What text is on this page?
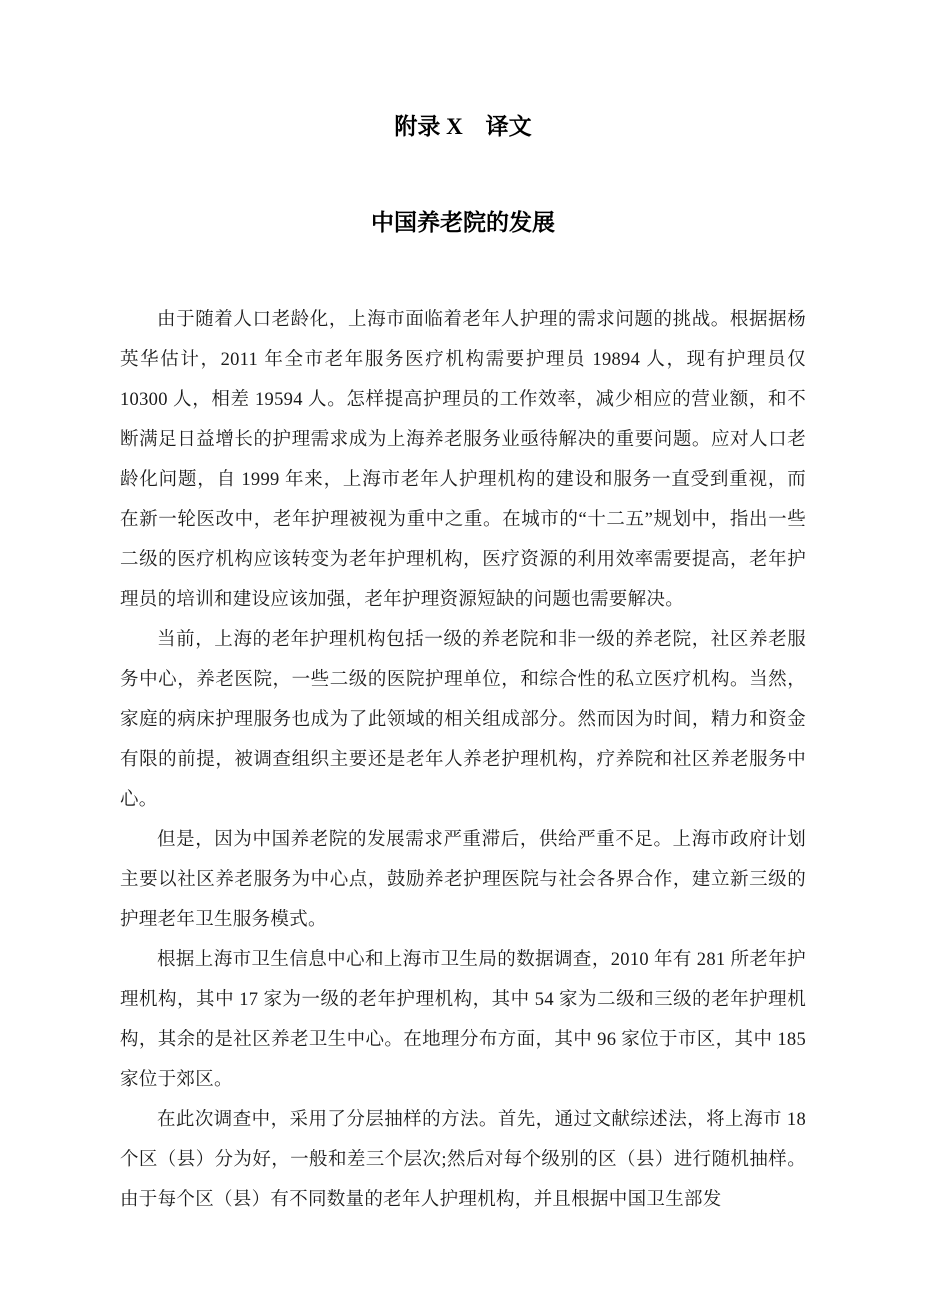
附录 X　译文
中国养老院的发展

由于随着人口老龄化，上海市面临着老年人护理的需求问题的挑战。根据据杨英华估计，2011 年全市老年服务医疗机构需要护理员 19894 人，现有护理员仅 10300 人，相差 19594 人。怎样提高护理员的工作效率，减少相应的营业额，和不断满足日益增长的护理需求成为上海养老服务业亟待解决的重要问题。应对人口老龄化问题，自 1999 年来，上海市老年人护理机构的建设和服务一直受到重视，而在新一轮医改中，老年护理被视为重中之重。在城市的“十二五”规划中，指出一些二级的医疗机构应该转变为老年护理机构，医疗资源的利用效率需要提高，老年护理员的培训和建设应该加强，老年护理资源短缺的问题也需要解决。

当前，上海的老年护理机构包括一级的养老院和非一级的养老院，社区养老服务中心，养老医院，一些二级的医院护理单位，和综合性的私立医疗机构。当然，家庭的病床护理服务也成为了此领域的相关组成部分。然而因为时间，精力和资金有限的前提，被调查组织主要还是老年人养老护理机构，疗养院和社区养老服务中心。

但是，因为中国养老院的发展需求严重滞后，供给严重不足。上海市政府计划主要以社区养老服务为中心点，鼓励养老护理医院与社会各界合作，建立新三级的护理老年卫生服务模式。

根据上海市卫生信息中心和上海市卫生局的数据调查，2010 年有 281 所老年护理机构，其中 17 家为一级的老年护理机构，其中 54 家为二级和三级的老年护理机构，其余的是社区养老卫生中心。在地理分布方面，其中 96 家位于市区，其中 185 家位于郊区。

在此次调查中，采用了分层抽样的方法。首先，通过文献综述法，将上海市 18 个区（县）分为好，一般和差三个层次;然后对每个级别的区（县）进行随机抽样。由于每个区（县）有不同数量的老年人护理机构，并且根据中国卫生部发
